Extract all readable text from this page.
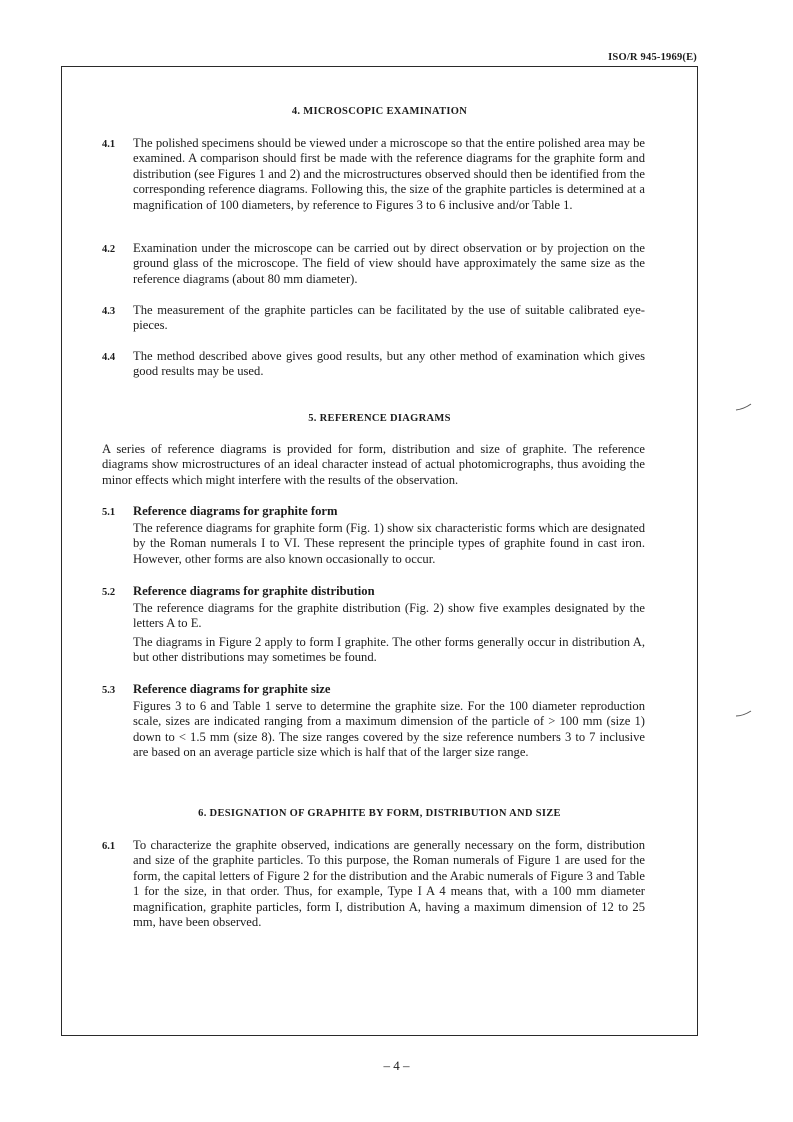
ISO/R 945-1969(E)
4. MICROSCOPIC EXAMINATION
4.1 The polished specimens should be viewed under a microscope so that the entire polished area may be examined. A comparison should first be made with the reference diagrams for the graphite form and distribution (see Figures 1 and 2) and the microstructures observed should then be identified from the corresponding reference diagrams. Following this, the size of the graphite particles is determined at a magnification of 100 diameters, by reference to Figures 3 to 6 inclusive and/or Table 1.
4.2 Examination under the microscope can be carried out by direct observation or by projection on the ground glass of the microscope. The field of view should have approximately the same size as the reference diagrams (about 80 mm diameter).
4.3 The measurement of the graphite particles can be facilitated by the use of suitable calibrated eye-pieces.
4.4 The method described above gives good results, but any other method of examination which gives good results may be used.
5. REFERENCE DIAGRAMS
A series of reference diagrams is provided for form, distribution and size of graphite. The reference diagrams show microstructures of an ideal character instead of actual photomicrographs, thus avoiding the minor effects which might interfere with the results of the observation.
5.1 Reference diagrams for graphite form
The reference diagrams for graphite form (Fig. 1) show six characteristic forms which are designated by the Roman numerals I to VI. These represent the principle types of graphite found in cast iron. However, other forms are also known occasionally to occur.
5.2 Reference diagrams for graphite distribution
The reference diagrams for the graphite distribution (Fig. 2) show five examples designated by the letters A to E.
The diagrams in Figure 2 apply to form I graphite. The other forms generally occur in distribution A, but other distributions may sometimes be found.
5.3 Reference diagrams for graphite size
Figures 3 to 6 and Table 1 serve to determine the graphite size. For the 100 diameter reproduction scale, sizes are indicated ranging from a maximum dimension of the particle of > 100 mm (size 1) down to < 1.5 mm (size 8). The size ranges covered by the size reference numbers 3 to 7 inclusive are based on an average particle size which is half that of the larger size range.
6. DESIGNATION OF GRAPHITE BY FORM, DISTRIBUTION AND SIZE
6.1 To characterize the graphite observed, indications are generally necessary on the form, distribution and size of the graphite particles. To this purpose, the Roman numerals of Figure 1 are used for the form, the capital letters of Figure 2 for the distribution and the Arabic numerals of Figure 3 and Table 1 for the size, in that order. Thus, for example, Type I A 4 means that, with a 100 mm diameter magnification, graphite particles, form I, distribution A, having a maximum dimension of 12 to 25 mm, have been observed.
– 4 –
